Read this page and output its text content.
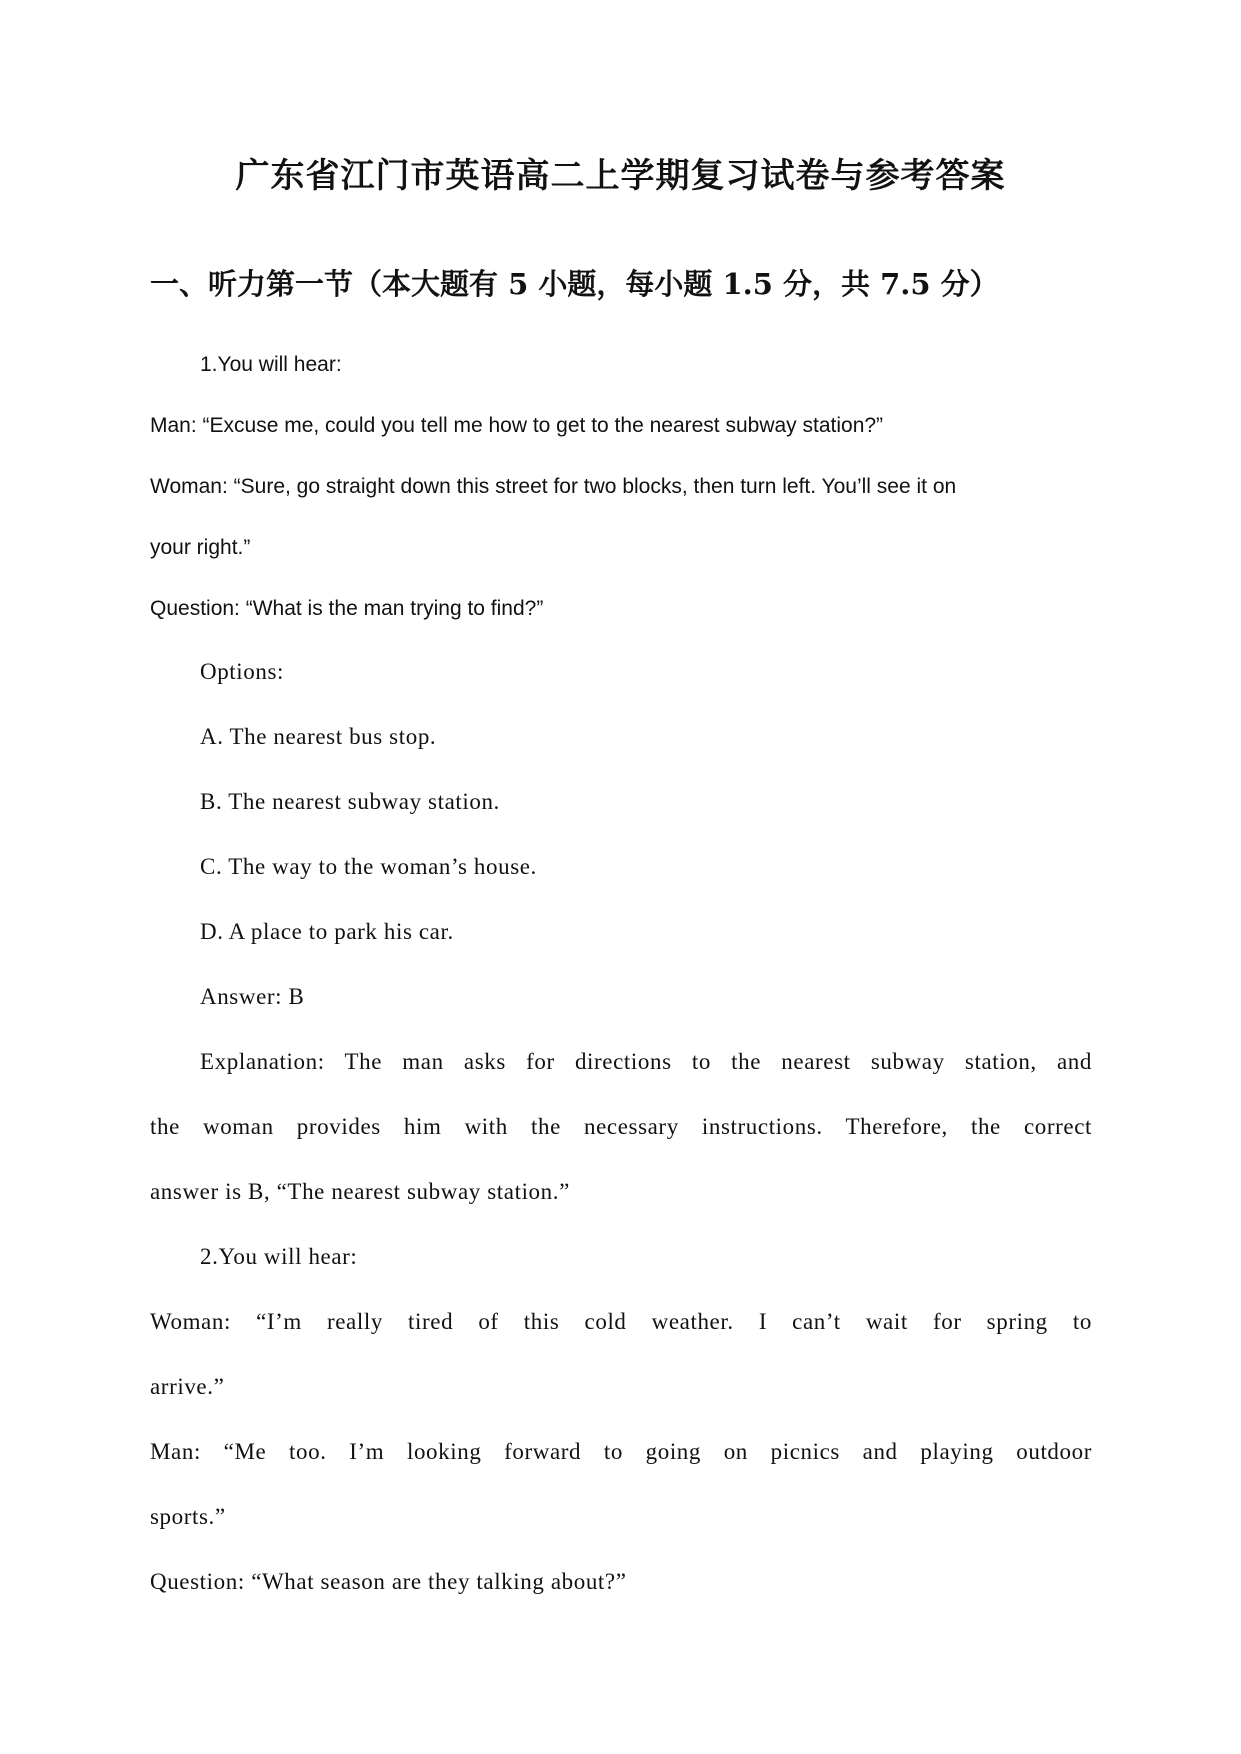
广东省江门市英语高二上学期复习试卷与参考答案
一、听力第一节（本大题有 5 小题，每小题 1.5 分，共 7.5 分）

1.You will hear:

Man: “Excuse me, could you tell me how to get to the nearest subway station?”

Woman: “Sure, go straight down this street for two blocks, then turn left. You’ll see it on

your right.”

Question: “What is the man trying to find?”

Options:

A. The nearest bus stop.

B. The nearest subway station.

C. The way to the woman’s house.

D. A place to park his car.

Answer: B

Explanation: The man asks for directions to the nearest subway station, and

the woman provides him with the necessary instructions. Therefore, the correct

answer is B, “The nearest subway station.”

2.You will hear:

Woman: “I’m really tired of this cold weather. I can’t wait for spring to

arrive.”

Man: “Me too. I’m looking forward to going on picnics and playing outdoor

sports.”

Question: “What season are they talking about?”
